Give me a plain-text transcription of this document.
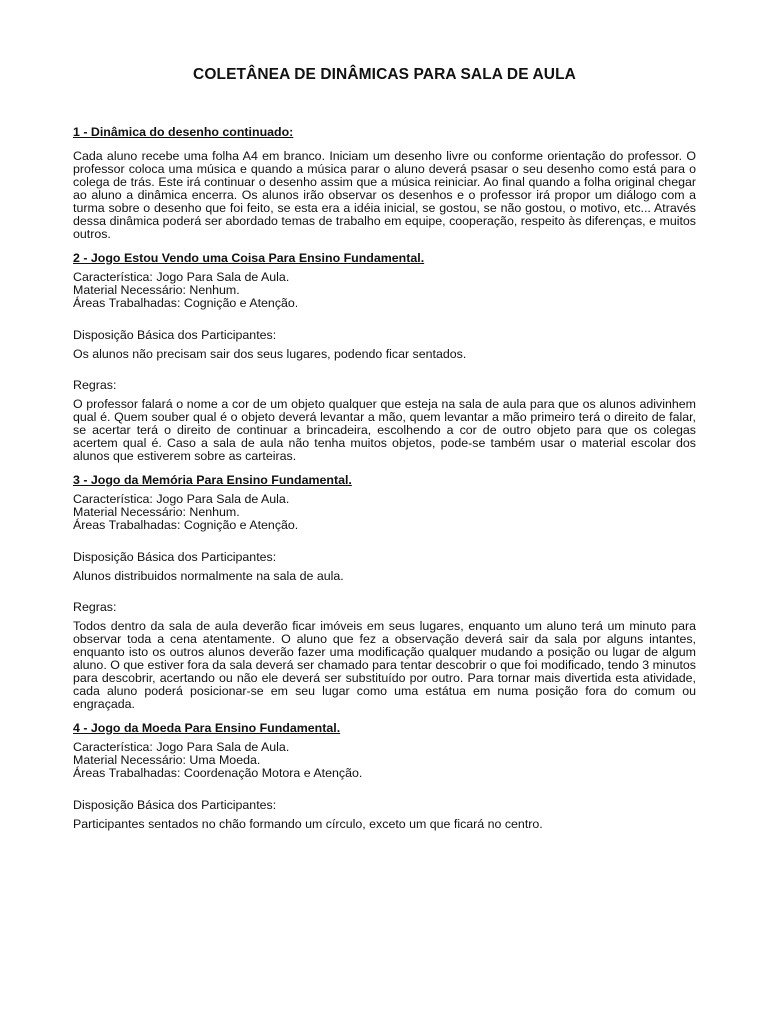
COLETÂNEA DE DINÂMICAS PARA SALA DE AULA
1 - Dinâmica do desenho continuado:

Cada aluno recebe uma folha A4 em branco. Iniciam um desenho livre ou conforme orientação do professor. O professor coloca uma música e quando a música parar o aluno deverá psasar o seu desenho como está para o colega de trás. Este irá continuar o desenho assim que a música reiniciar. Ao final quando a folha original chegar ao aluno a dinâmica encerra. Os alunos irão observar os desenhos e o professor irá propor um diálogo com a turma sobre o desenho que foi feito, se esta era a idéia inicial, se gostou, se não gostou, o motivo, etc... Através dessa dinâmica poderá ser abordado temas de trabalho em equipe, cooperação, respeito às diferenças, e muitos outros.

2 - Jogo Estou Vendo uma Coisa Para Ensino Fundamental.
Característica: Jogo Para Sala de Aula.
Material Necessário: Nenhum.
Áreas Trabalhadas: Cognição e Atenção.
Disposição Básica dos Participantes:
Os alunos não precisam sair dos seus lugares, podendo ficar sentados.
Regras:

O professor falará o nome a cor de um objeto qualquer que esteja na sala de aula para que os alunos adivinhem qual é. Quem souber qual é o objeto deverá levantar a mão, quem levantar a mão primeiro terá o direito de falar, se acertar terá o direito de continuar a brincadeira, escolhendo a cor de outro objeto para que os colegas acertem qual é. Caso a sala de aula não tenha muitos objetos, pode-se também usar o material escolar dos alunos que estiverem sobre as carteiras.

3 - Jogo da Memória Para Ensino Fundamental.
Característica: Jogo Para Sala de Aula.
Material Necessário: Nenhum.
Áreas Trabalhadas: Cognição e Atenção.
Disposição Básica dos Participantes:
Alunos distribuidos normalmente na sala de aula.
Regras:

Todos dentro da sala de aula deverão ficar imóveis em seus lugares, enquanto um aluno terá um minuto para observar toda a cena atentamente. O aluno que fez a observação deverá sair da sala por alguns intantes, enquanto isto os outros alunos deverão fazer uma modificação qualquer mudando a posição ou lugar de algum aluno. O que estiver fora da sala deverá ser chamado para tentar descobrir o que foi modificado, tendo 3 minutos para descobrir, acertando ou não ele deverá ser substituído por outro. Para tornar mais divertida esta atividade, cada aluno poderá posicionar-se em seu lugar como uma estátua em numa posição fora do comum ou engraçada.

4 - Jogo da Moeda Para Ensino Fundamental.
Característica: Jogo Para Sala de Aula.
Material Necessário: Uma Moeda.
Áreas Trabalhadas: Coordenação Motora e Atenção.
Disposição Básica dos Participantes:
Participantes sentados no chão formando um círculo, exceto um que ficará no centro.
